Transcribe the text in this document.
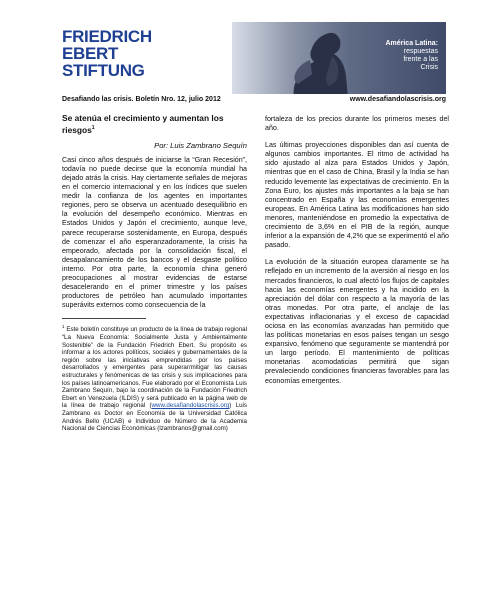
FRIEDRICH
EBERT
STIFTUNG
América Latina:
respuestas
frente a las
Crisis
Desafiando las crisis. Boletín Nro. 12, julio 2012	www.desafiandolascrisis.org
Se atenúa el crecimiento y aumentan los riesgos$^1$
Por: Luis Zambrano Sequín
Casi cinco años después de iniciarse la “Gran Recesión”, todavía no puede decirse que la economía mundial ha dejado atrás la crisis. Hay ciertamente señales de mejoras en el comercio internacional y en los índices que suelen medir la confianza de los agentes en importantes regiones, pero se observa un acentuado desequilibrio en la evolución del desempeño económico. Mientras en Estados Unidos y Japón el crecimiento, aunque leve, parece recuperarse sostenidamente, en Europa, después de comenzar el año esperanzadoramente, la crisis ha empeorado, afectada por la consolidación fiscal, el desapalancamiento de los bancos y el desgaste político interno. Por otra parte, la economía china generó preocupaciones al mostrar evidencias de estarse desacelerando en el primer trimestre y los países productores de petróleo han acumulado importantes superávits externos como consecuencia de la
$^1$ Este boletín constituye un producto de la línea de trabajo regional “La Nueva Economía: Socialmente Justa y Ambientalmente Sostenible” de la Fundación Friedrich Ebert. Su propósito es informar a los actores políticos, sociales y gubernamentales de la región sobre las iniciativas emprendidas por los países desarrollados y emergentes para superar/mitigar las causas estructurales y fenómenicas de las crisis y sus implicaciones para los países latinoamericanos. Fue elaborado por el Economista Luis Zambrano Sequín, bajo la coordinación de la Fundación Friedrich Ebert en Venezuela (ILDIS) y será publicado en la página web de la línea de trabajo regional (www.desafiandolascrisis.org) Luis Zambrano es Doctor en Economía de la Universidad Católica Andrés Bello (UCAB) e Individuo de Número de la Academia Nacional de Ciencias Económicas (lzambranos@gmail.com)
fortaleza de los precios durante los primeros meses del año.
Las últimas proyecciones disponibles dan así cuenta de algunos cambios importantes. El ritmo de actividad ha sido ajustado al alza para Estados Unidos y Japón, mientras que en el caso de China, Brasil y la India se han reducido levemente las expectativas de crecimiento. En la Zona Euro, los ajustes más importantes a la baja se han concentrado en España y las economías emergentes europeas. En América Latina las modificaciones han sido menores, manteniéndose en promedio la expectativa de crecimiento de 3,6% en el PIB de la región, aunque inferior a la expansión de 4,2% que se experimentó el año pasado.
La evolución de la situación europea claramente se ha reflejado en un incremento de la aversión al riesgo en los mercados financieros, lo cual afectó los flujos de capitales hacia las economías emergentes y ha incidido en la apreciación del dólar con respecto a la mayoría de las otras monedas. Por otra parte, el anclaje de las expectativas inflacionarias y el exceso de capacidad ociosa en las economías avanzadas han permitido que las políticas monetarias en esos países tengan un sesgo expansivo, fenómeno que seguramente se mantendrá por un largo período. El mantenimiento de políticas monetarias acomodaticias permitirá que sigan prevaleciendo condiciones financieras favorables para las economías emergentes.
